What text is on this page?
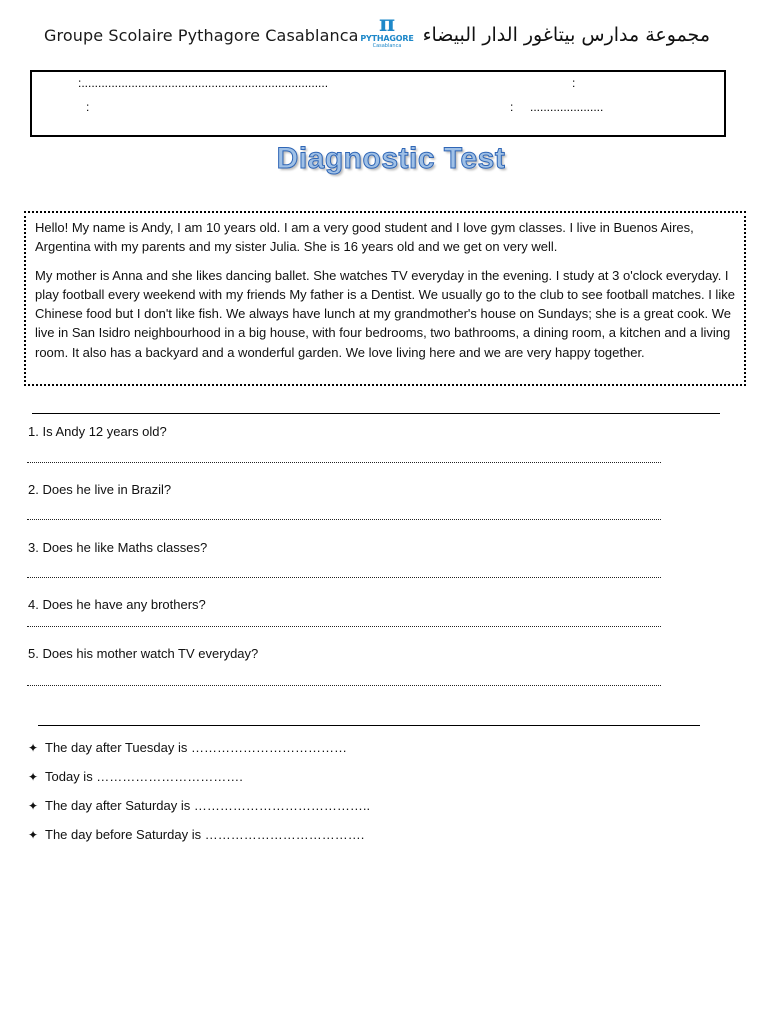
Groupe Scolaire Pythagore Casablanca π
PYTHAGORE
Casablanca	مجموعة مدارس بيتاغور الدار البيضاء
:..........................................................................	:
:	: ......................
Diagnostic Test

Hello! My name is Andy, I am 10 years old. I am a very good student and I love gym classes. I live in Buenos Aires, Argentina with my parents and my sister Julia. She is 16 years old and we get on very well.

My mother is Anna and she likes dancing ballet. She watches TV everyday in the evening. I study at 3 o'clock everyday. I play football every weekend with my friends My father is a Dentist. We usually go to the club to see football matches. I like Chinese food but I don't like fish. We always have lunch at my grandmother's house on Sundays; she is a great cook. We live in San Isidro neighbourhood in a big house, with four bedrooms, two bathrooms, a dining room, a kitchen and a living room. It also has a backyard and a wonderful garden. We love living here and we are very happy together.

1. Is Andy 12 years old?
2. Does he live in Brazil?
3. Does he like Maths classes?
4. Does he have any brothers?
5. Does his mother watch TV everyday?
✦ The day after Tuesday is ………………………………
✦ Today is …………………………….
✦ The day after Saturday is …………………………………..
✦ The day before Saturday is ……………………………….
